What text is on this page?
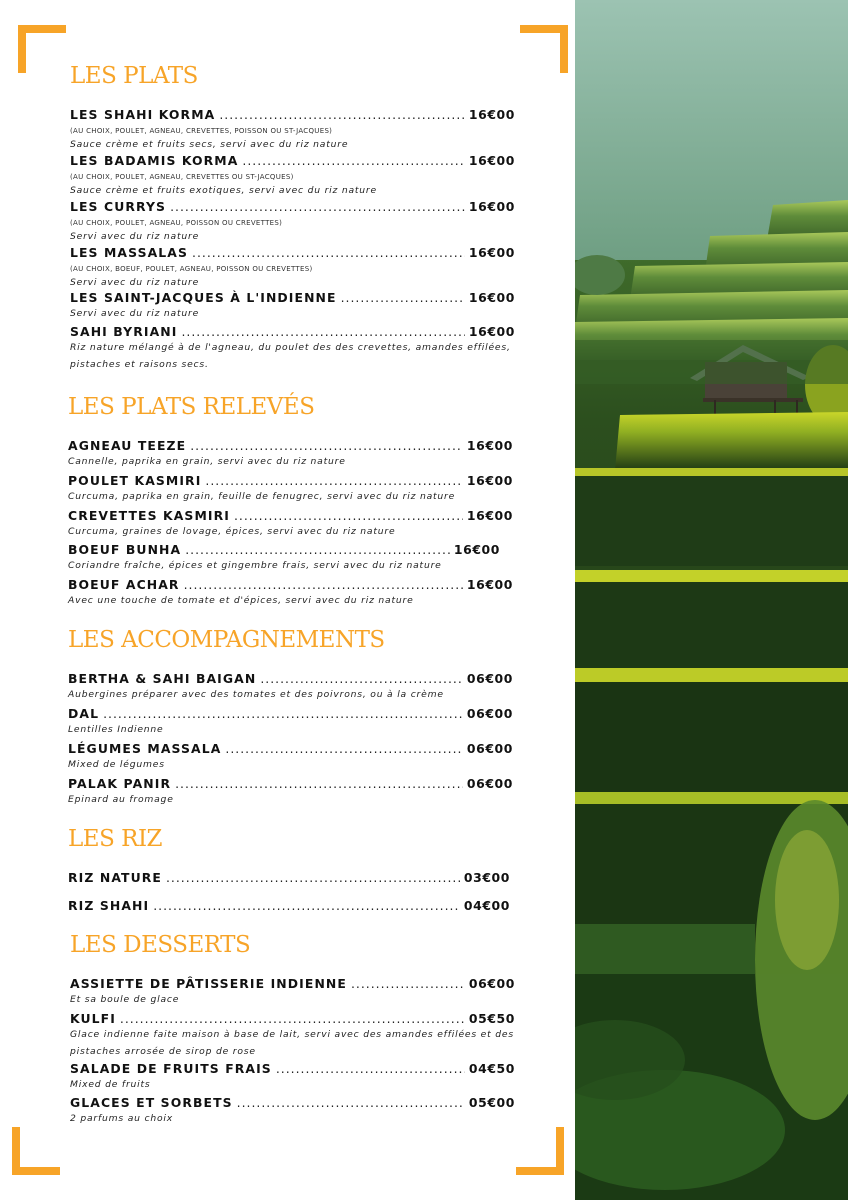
LES PLATS
LES SHAHI KORMA .....	16€00
(AU CHOIX, POULET, AGNEAU, CREVETTES, POISSON OU ST-JACQUES)
Sauce crème et fruits secs, servi avec du riz nature
LES BADAMIS KORMA .....	16€00
(AU CHOIX, POULET, AGNEAU, CREVETTES OU ST-JACQUES)
Sauce crème et fruits exotiques, servi avec du riz nature
LES CURRYS .....	16€00
(AU CHOIX, POULET, AGNEAU, POISSON OU CREVETTES)
Servi avec du riz nature
LES MASSALAS .....	16€00
(AU CHOIX, BOEUF, POULET, AGNEAU, POISSON OU CREVETTES)
Servi avec du riz nature
LES SAINT-JACQUES À L'INDIENNE .....	16€00
Servi avec du riz nature
SAHI BYRIANI .....	16€00
Riz nature mélangé à de l'agneau, du poulet des des crevettes, amandes effilées,
pistaches et raisons secs.
LES PLATS RELEVÉS
AGNEAU TEEZE .....	16€00
Cannelle, paprika en grain, servi avec du riz nature
POULET KASMIRI .....	16€00
Curcuma, paprika en grain, feuille de fenugrec, servi avec du riz nature
CREVETTES KASMIRI .....	16€00
Curcuma, graines de lovage, épices, servi avec du riz nature
BOEUF BUNHA .....	16€00
Coriandre fraîche, épices et gingembre frais, servi avec du riz nature
BOEUF ACHAR .....	16€00
Avec une touche de tomate et d'épices, servi avec du riz nature
LES ACCOMPAGNEMENTS
BERTHA & SAHI BAIGAN .....	06€00
Aubergines préparer avec des tomates et des poivrons, ou à la crème
DAL .....	06€00
Lentilles Indienne
LÉGUMES MASSALA .....	06€00
Mixed de légumes
PALAK PANIR .....	06€00
Epinard au fromage
LES RIZ
RIZ NATURE .....	03€00
RIZ SHAHI .....	04€00
LES DESSERTS
ASSIETTE DE PÂTISSERIE INDIENNE .....	06€00
Et sa boule de glace
KULFI .....	05€50
Glace indienne faite maison à base de lait, servi avec des amandes effilées et des
pistaches arrosée de sirop de rose
SALADE DE FRUITS FRAIS .....	04€50
Mixed de fruits
GLACES ET SORBETS .....	05€00
2 parfums au choix
